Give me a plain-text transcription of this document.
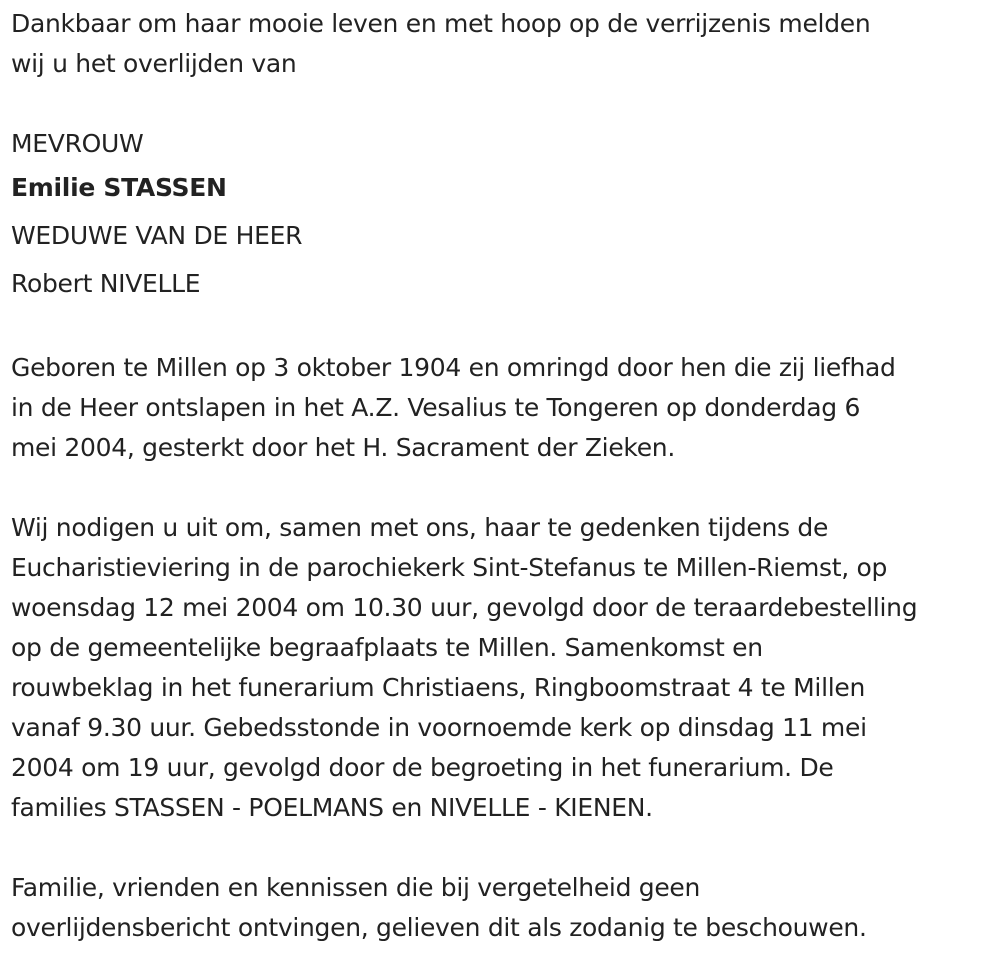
Dankbaar om haar mooie leven en met hoop op de verrijzenis melden
wij u het overlijden van

MEVROUW
Emilie STASSEN
WEDUWE VAN DE HEER
Robert NIVELLE

Geboren te Millen op 3 oktober 1904 en omringd door hen die zij liefhad
in de Heer ontslapen in het A.Z. Vesalius te Tongeren op donderdag 6
mei 2004, gesterkt door het H. Sacrament der Zieken.

Wij nodigen u uit om, samen met ons, haar te gedenken tijdens de
Eucharistieviering in de parochiekerk Sint-Stefanus te Millen-Riemst, op
woensdag 12 mei 2004 om 10.30 uur, gevolgd door de teraardebestelling
op de gemeentelijke begraafplaats te Millen. Samenkomst en
rouwbeklag in het funerarium Christiaens, Ringboomstraat 4 te Millen
vanaf 9.30 uur. Gebedsstonde in voornoemde kerk op dinsdag 11 mei
2004 om 19 uur, gevolgd door de begroeting in het funerarium. De
families STASSEN - POELMANS en NIVELLE - KIENEN.

Familie, vrienden en kennissen die bij vergetelheid geen
overlijdensbericht ontvingen, gelieven dit als zodanig te beschouwen.
